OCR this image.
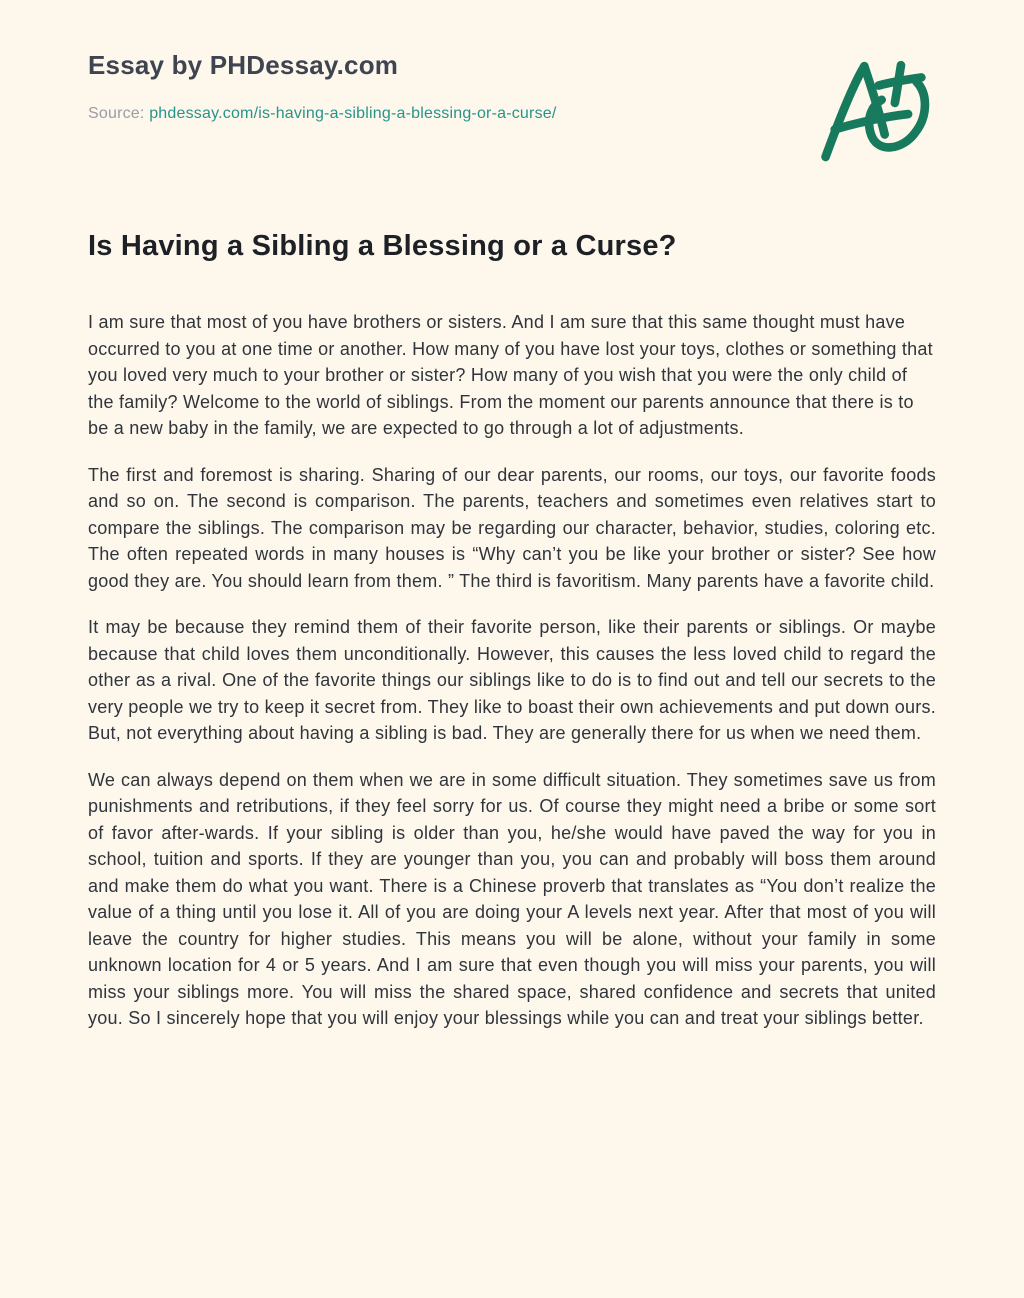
Essay by PHDessay.com
Source: phdessay.com/is-having-a-sibling-a-blessing-or-a-curse/
Is Having a Sibling a Blessing or a Curse?

I am sure that most of you have brothers or sisters. And I am sure that this same thought must have occurred to you at one time or another. How many of you have lost your toys, clothes or something that you loved very much to your brother or sister? How many of you wish that you were the only child of the family? Welcome to the world of siblings. From the moment our parents announce that there is to be a new baby in the family, we are expected to go through a lot of adjustments.

The first and foremost is sharing. Sharing of our dear parents, our rooms, our toys, our favorite foods and so on. The second is comparison. The parents, teachers and sometimes even relatives start to compare the siblings. The comparison may be regarding our character, behavior, studies, coloring etc. The often repeated words in many houses is “Why can’t you be like your brother or sister? See how good they are. You should learn from them. ” The third is favoritism. Many parents have a favorite child.

It may be because they remind them of their favorite person, like their parents or siblings. Or maybe because that child loves them unconditionally. However, this causes the less loved child to regard the other as a rival. One of the favorite things our siblings like to do is to find out and tell our secrets to the very people we try to keep it secret from. They like to boast their own achievements and put down ours. But, not everything about having a sibling is bad. They are generally there for us when we need them.

We can always depend on them when we are in some difficult situation. They sometimes save us from punishments and retributions, if they feel sorry for us. Of course they might need a bribe or some sort of favor after-wards. If your sibling is older than you, he/she would have paved the way for you in school, tuition and sports. If they are younger than you, you can and probably will boss them around and make them do what you want. There is a Chinese proverb that translates as “You don’t realize the value of a thing until you lose it. All of you are doing your A levels next year. After that most of you will leave the country for higher studies. This means you will be alone, without your family in some unknown location for 4 or 5 years. And I am sure that even though you will miss your parents, you will miss your siblings more. You will miss the shared space, shared confidence and secrets that united you. So I sincerely hope that you will enjoy your blessings while you can and treat your siblings better.
